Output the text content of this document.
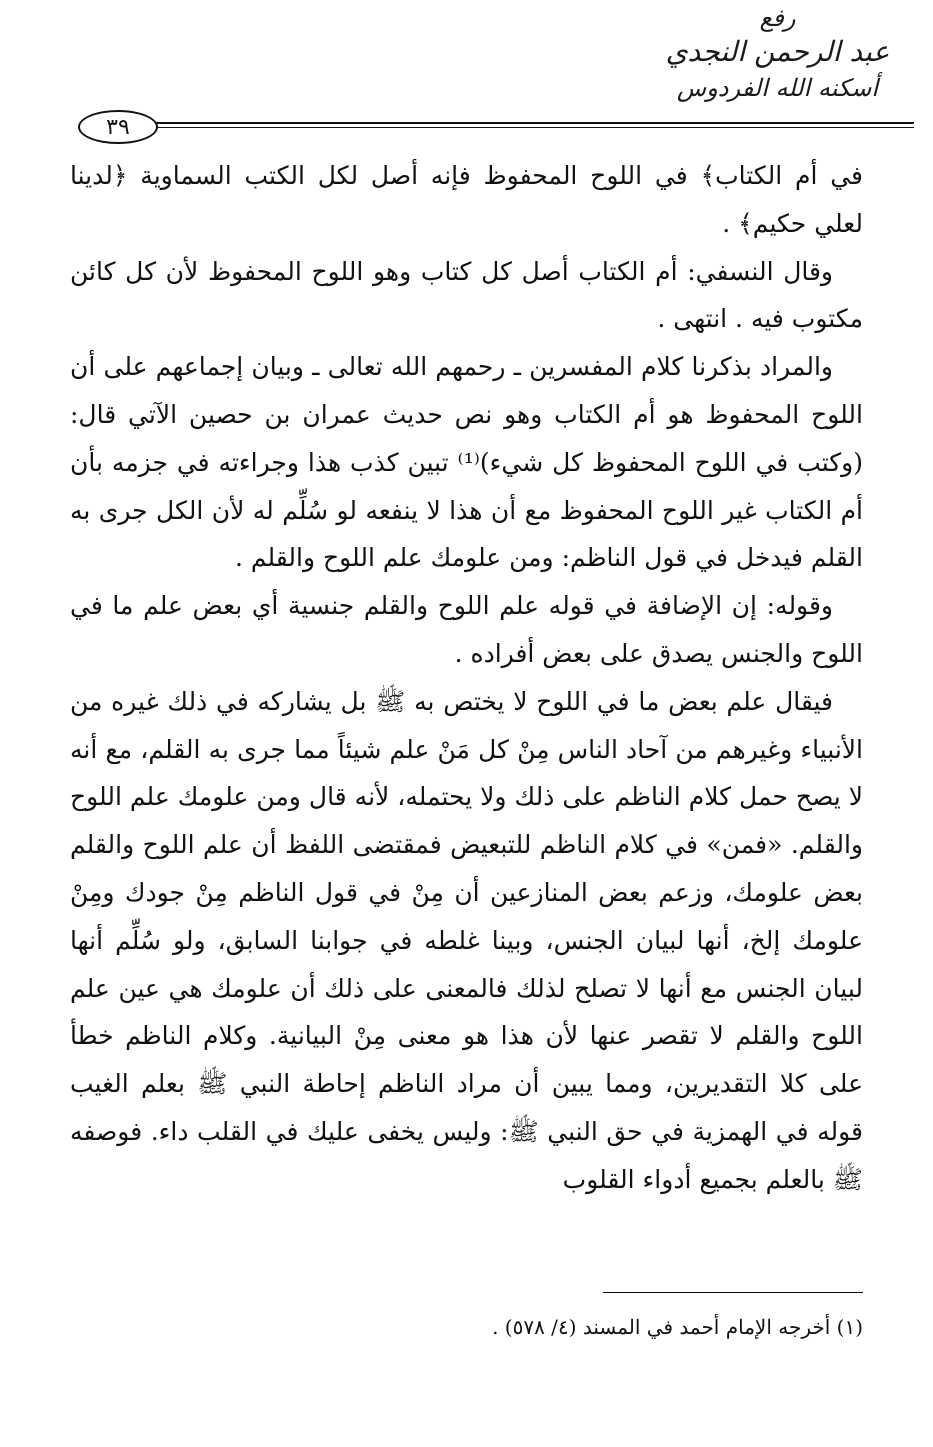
رفع
عبد الرحمن النجدي
أسكنه الله الفردوس
٣٩

في أم الكتاب﴾ في اللوح المحفوظ فإنه أصل لكل الكتب السماوية ﴿لدينا لعلي حكيم﴾ .

وقال النسفي: أم الكتاب أصل كل كتاب وهو اللوح المحفوظ لأن كل كائن مكتوب فيه . انتهى .

والمراد بذكرنا كلام المفسرين ـ رحمهم الله تعالى ـ وبيان إجماعهم على أن اللوح المحفوظ هو أم الكتاب وهو نص حديث عمران بن حصين الآتي قال: (وكتب في اللوح المحفوظ كل شيء)⁽¹⁾ تبين كذب هذا وجراءته في جزمه بأن أم الكتاب غير اللوح المحفوظ مع أن هذا لا ينفعه لو سُلِّم له لأن الكل جرى به القلم فيدخل في قول الناظم: ومن علومك علم اللوح والقلم .

وقوله: إن الإضافة في قوله علم اللوح والقلم جنسية أي بعض علم ما في اللوح والجنس يصدق على بعض أفراده .

فيقال علم بعض ما في اللوح لا يختص به ﷺ بل يشاركه في ذلك غيره من الأنبياء وغيرهم من آحاد الناس مِنْ كل مَنْ علم شيئاً مما جرى به القلم، مع أنه لا يصح حمل كلام الناظم على ذلك ولا يحتمله، لأنه قال ومن علومك علم اللوح والقلم. «فمن» في كلام الناظم للتبعيض فمقتضى اللفظ أن علم اللوح والقلم بعض علومك، وزعم بعض المنازعين أن مِنْ في قول الناظم مِنْ جودك ومِنْ علومك إلخ، أنها لبيان الجنس، وبينا غلطه في جوابنا السابق، ولو سُلِّم أنها لبيان الجنس مع أنها لا تصلح لذلك فالمعنى على ذلك أن علومك هي عين علم اللوح والقلم لا تقصر عنها لأن هذا هو معنى مِنْ البيانية. وكلام الناظم خطأ على كلا التقديرين، ومما يبين أن مراد الناظم إحاطة النبي ﷺ بعلم الغيب قوله في الهمزية في حق النبي ﷺ: وليس يخفى عليك في القلب داء. فوصفه ﷺ بالعلم بجميع أدواء القلوب

(١) أخرجه الإمام أحمد في المسند (٤/ ٥٧٨) .
